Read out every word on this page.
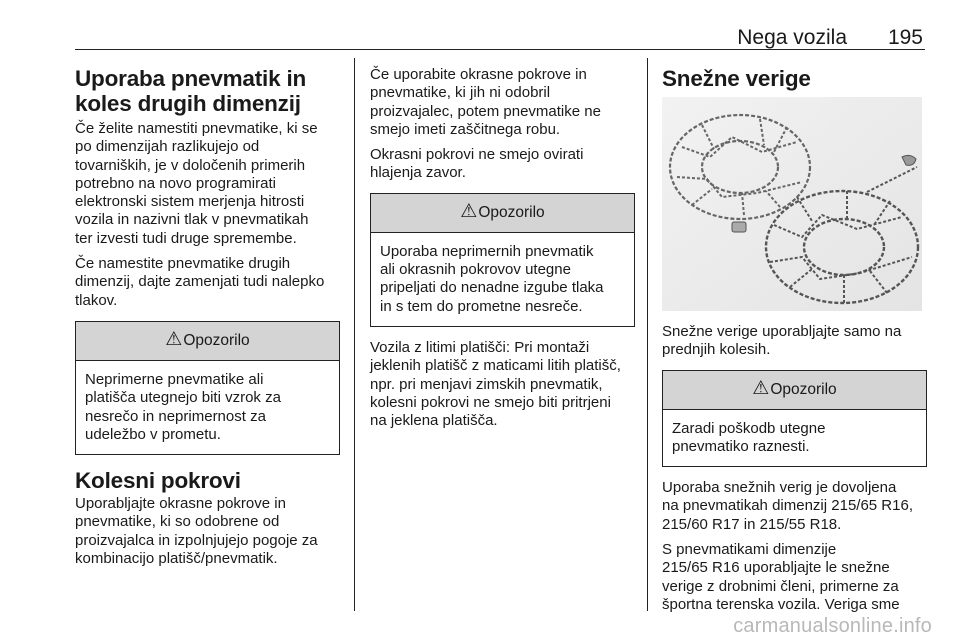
Nega vozila 195
Uporaba pnevmatik in koles drugih dimenzij

Če želite namestiti pnevmatike, ki se
po dimenzijah razlikujejo od
tovarniških, je v določenih primerih
potrebno na novo programirati
elektronski sistem merjenja hitrosti
vozila in nazivni tlak v pnevmatikah
ter izvesti tudi druge spremembe.

Če namestite pnevmatike drugih
dimenzij, dajte zamenjati tudi nalepko
tlakov.

⚠ Opozorilo

Neprimerne pnevmatike ali
platišča utegnejo biti vzrok za
nesrečo in neprimernost za
udeležbo v prometu.

Kolesni pokrovi

Uporabljajte okrasne pokrove in
pnevmatike, ki so odobrene od
proizvajalca in izpolnjujejo pogoje za
kombinacijo platišč/pnevmatik.

Če uporabite okrasne pokrove in
pnevmatike, ki jih ni odobril
proizvajalec, potem pnevmatike ne
smejo imeti zaščitnega robu.

Okrasni pokrovi ne smejo ovirati
hlajenja zavor.

⚠ Opozorilo

Uporaba neprimernih pnevmatik
ali okrasnih pokrovov utegne
pripeljati do nenadne izgube tlaka
in s tem do prometne nesreče.

Vozila z litimi platišči: Pri montaži
jeklenih platišč z maticami litih platišč,
npr. pri menjavi zimskih pnevmatik,
kolesni pokrovi ne smejo biti pritrjeni
na jeklena platišča.

Snežne verige

Snežne verige uporabljajte samo na
prednjih kolesih.

⚠ Opozorilo

Zaradi poškodb utegne
pnevmatiko raznesti.

Uporaba snežnih verig je dovoljena
na pnevmatikah dimenzij 215/65 R16,
215/60 R17 in 215/55 R18.

S pnevmatikami dimenzije
215/65 R16 uporabljajte le snežne
verige z drobnimi členi, primerne za
športna terenska vozila. Veriga sme

carmanualsonline.info
